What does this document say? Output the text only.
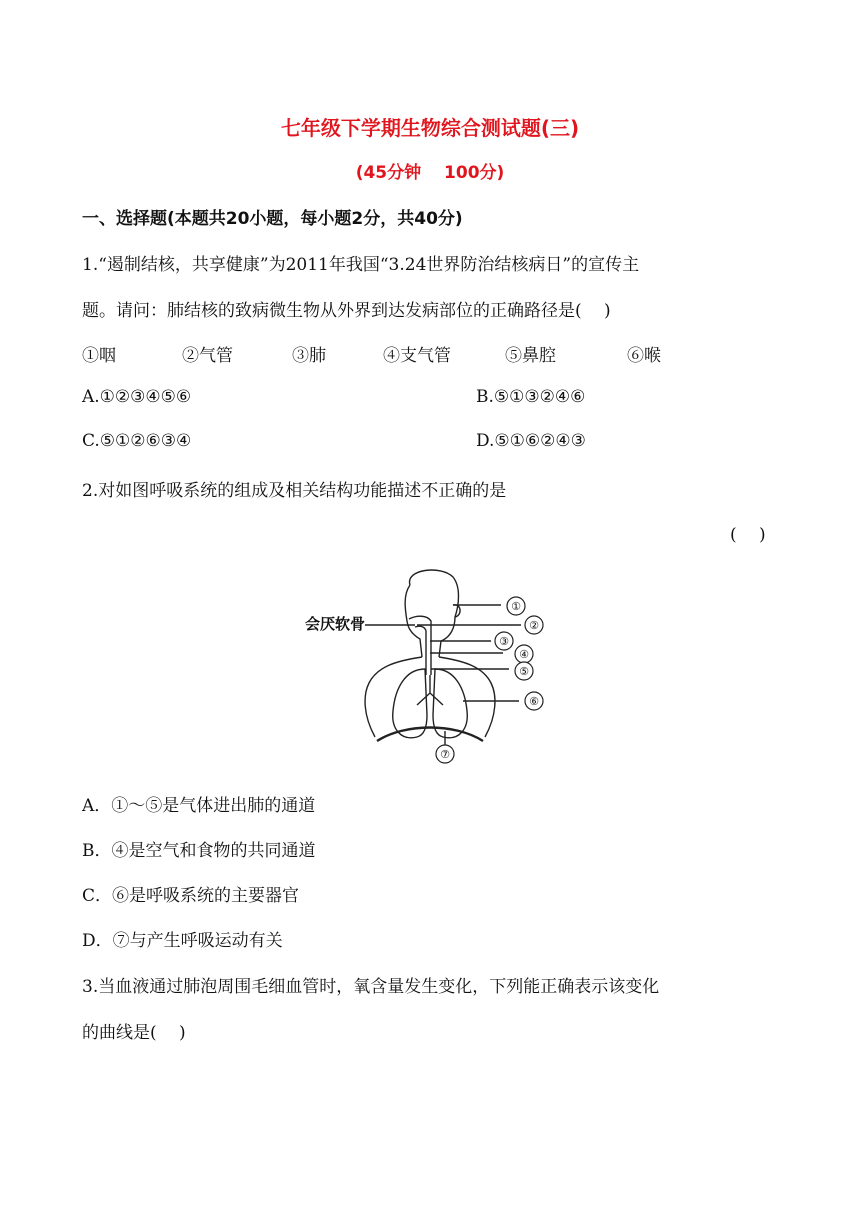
七年级下学期生物综合测试题(三)
(45分钟　 100分)
一、选择题(本题共20小题，每小题2分，共40分)
1.“遏制结核，共享健康”为2011年我国“3.24世界防治结核病日”的宣传主
题。请问：肺结核的致病微生物从外界到达发病部位的正确路径是(　 )
①咽	②气管	③肺	④支气管	⑤鼻腔	⑥喉
A.①②③④⑤⑥	B.⑤①③②④⑥
C.⑤①②⑥③④	D.⑤①⑥②④③
2.对如图呼吸系统的组成及相关结构功能描述不正确的是
(　 )
①
②
③
④
⑤
⑥
⑦
会厌软骨
A．①～⑤是气体进出肺的通道
B．④是空气和食物的共同通道
C．⑥是呼吸系统的主要器官
D．⑦与产生呼吸运动有关
3.当血液通过肺泡周围毛细血管时，氧含量发生变化，下列能正确表示该变化
的曲线是(　 )
